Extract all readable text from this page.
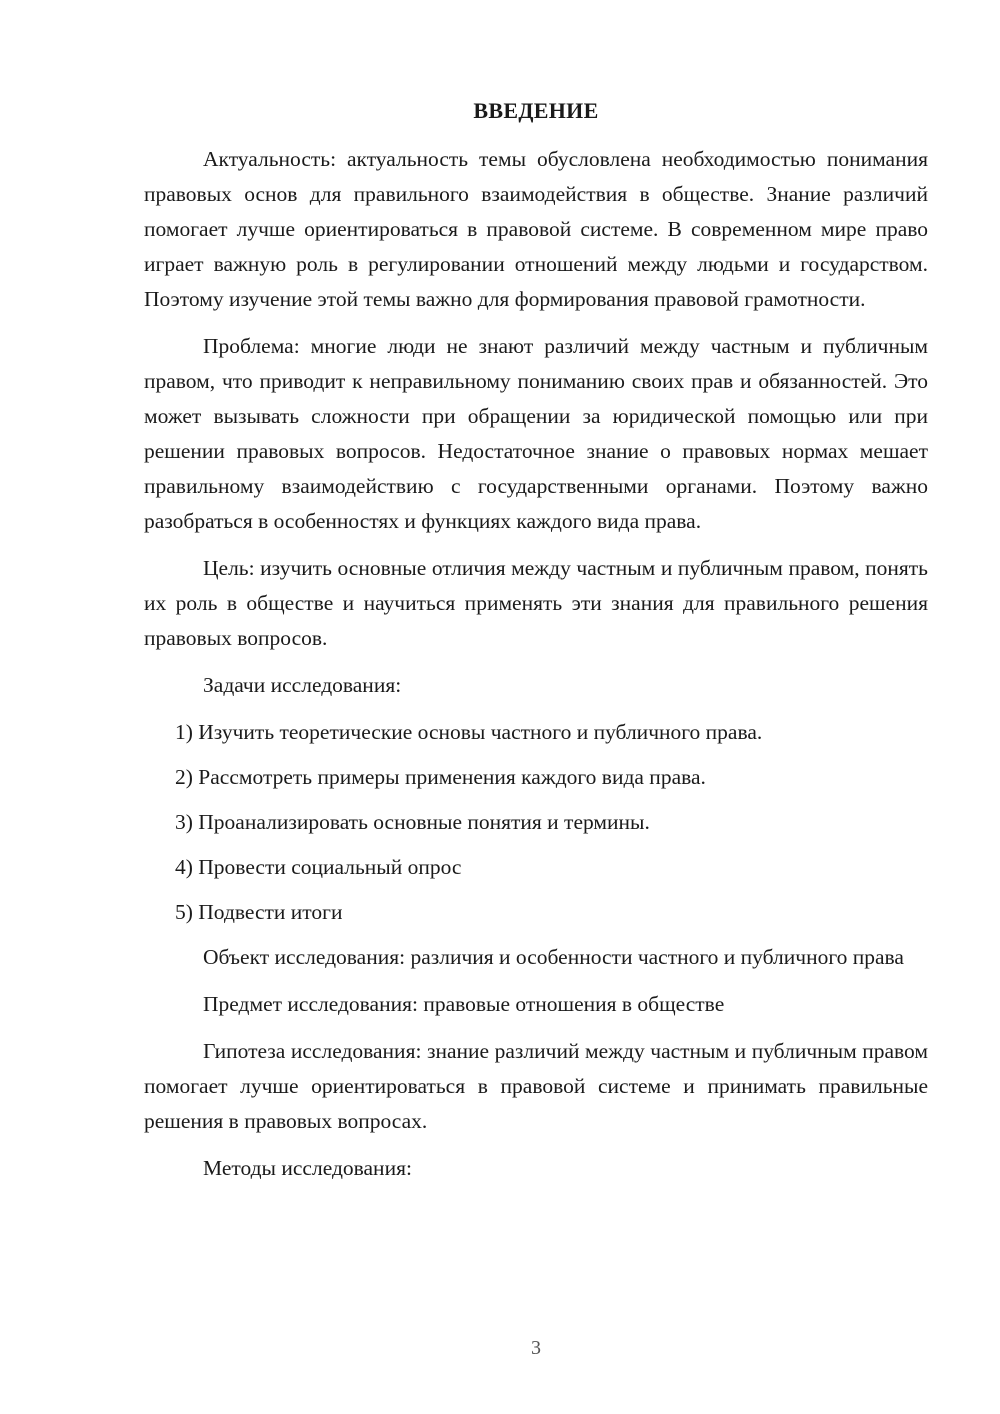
ВВЕДЕНИЕ

Актуальность: актуальность темы обусловлена необходимостью понимания правовых основ для правильного взаимодействия в обществе. Знание различий помогает лучше ориентироваться в правовой системе. В современном мире право играет важную роль в регулировании отношений между людьми и государством. Поэтому изучение этой темы важно для формирования правовой грамотности.

Проблема: многие люди не знают различий между частным и публичным правом, что приводит к неправильному пониманию своих прав и обязанностей. Это может вызывать сложности при обращении за юридической помощью или при решении правовых вопросов. Недостаточное знание о правовых нормах мешает правильному взаимодействию с государственными органами. Поэтому важно разобраться в особенностях и функциях каждого вида права.

Цель: изучить основные отличия между частным и публичным правом, понять их роль в обществе и научиться применять эти знания для правильного решения правовых вопросов.

Задачи исследования:

1) Изучить теоретические основы частного и публичного права.

2) Рассмотреть примеры применения каждого вида права.

3) Проанализировать основные понятия и термины.

4) Провести социальный опрос

5) Подвести итоги

Объект исследования: различия и особенности частного и публичного права

Предмет исследования: правовые отношения в обществе

Гипотеза исследования: знание различий между частным и публичным правом помогает лучше ориентироваться в правовой системе и принимать правильные решения в правовых вопросах.

Методы исследования:

3
